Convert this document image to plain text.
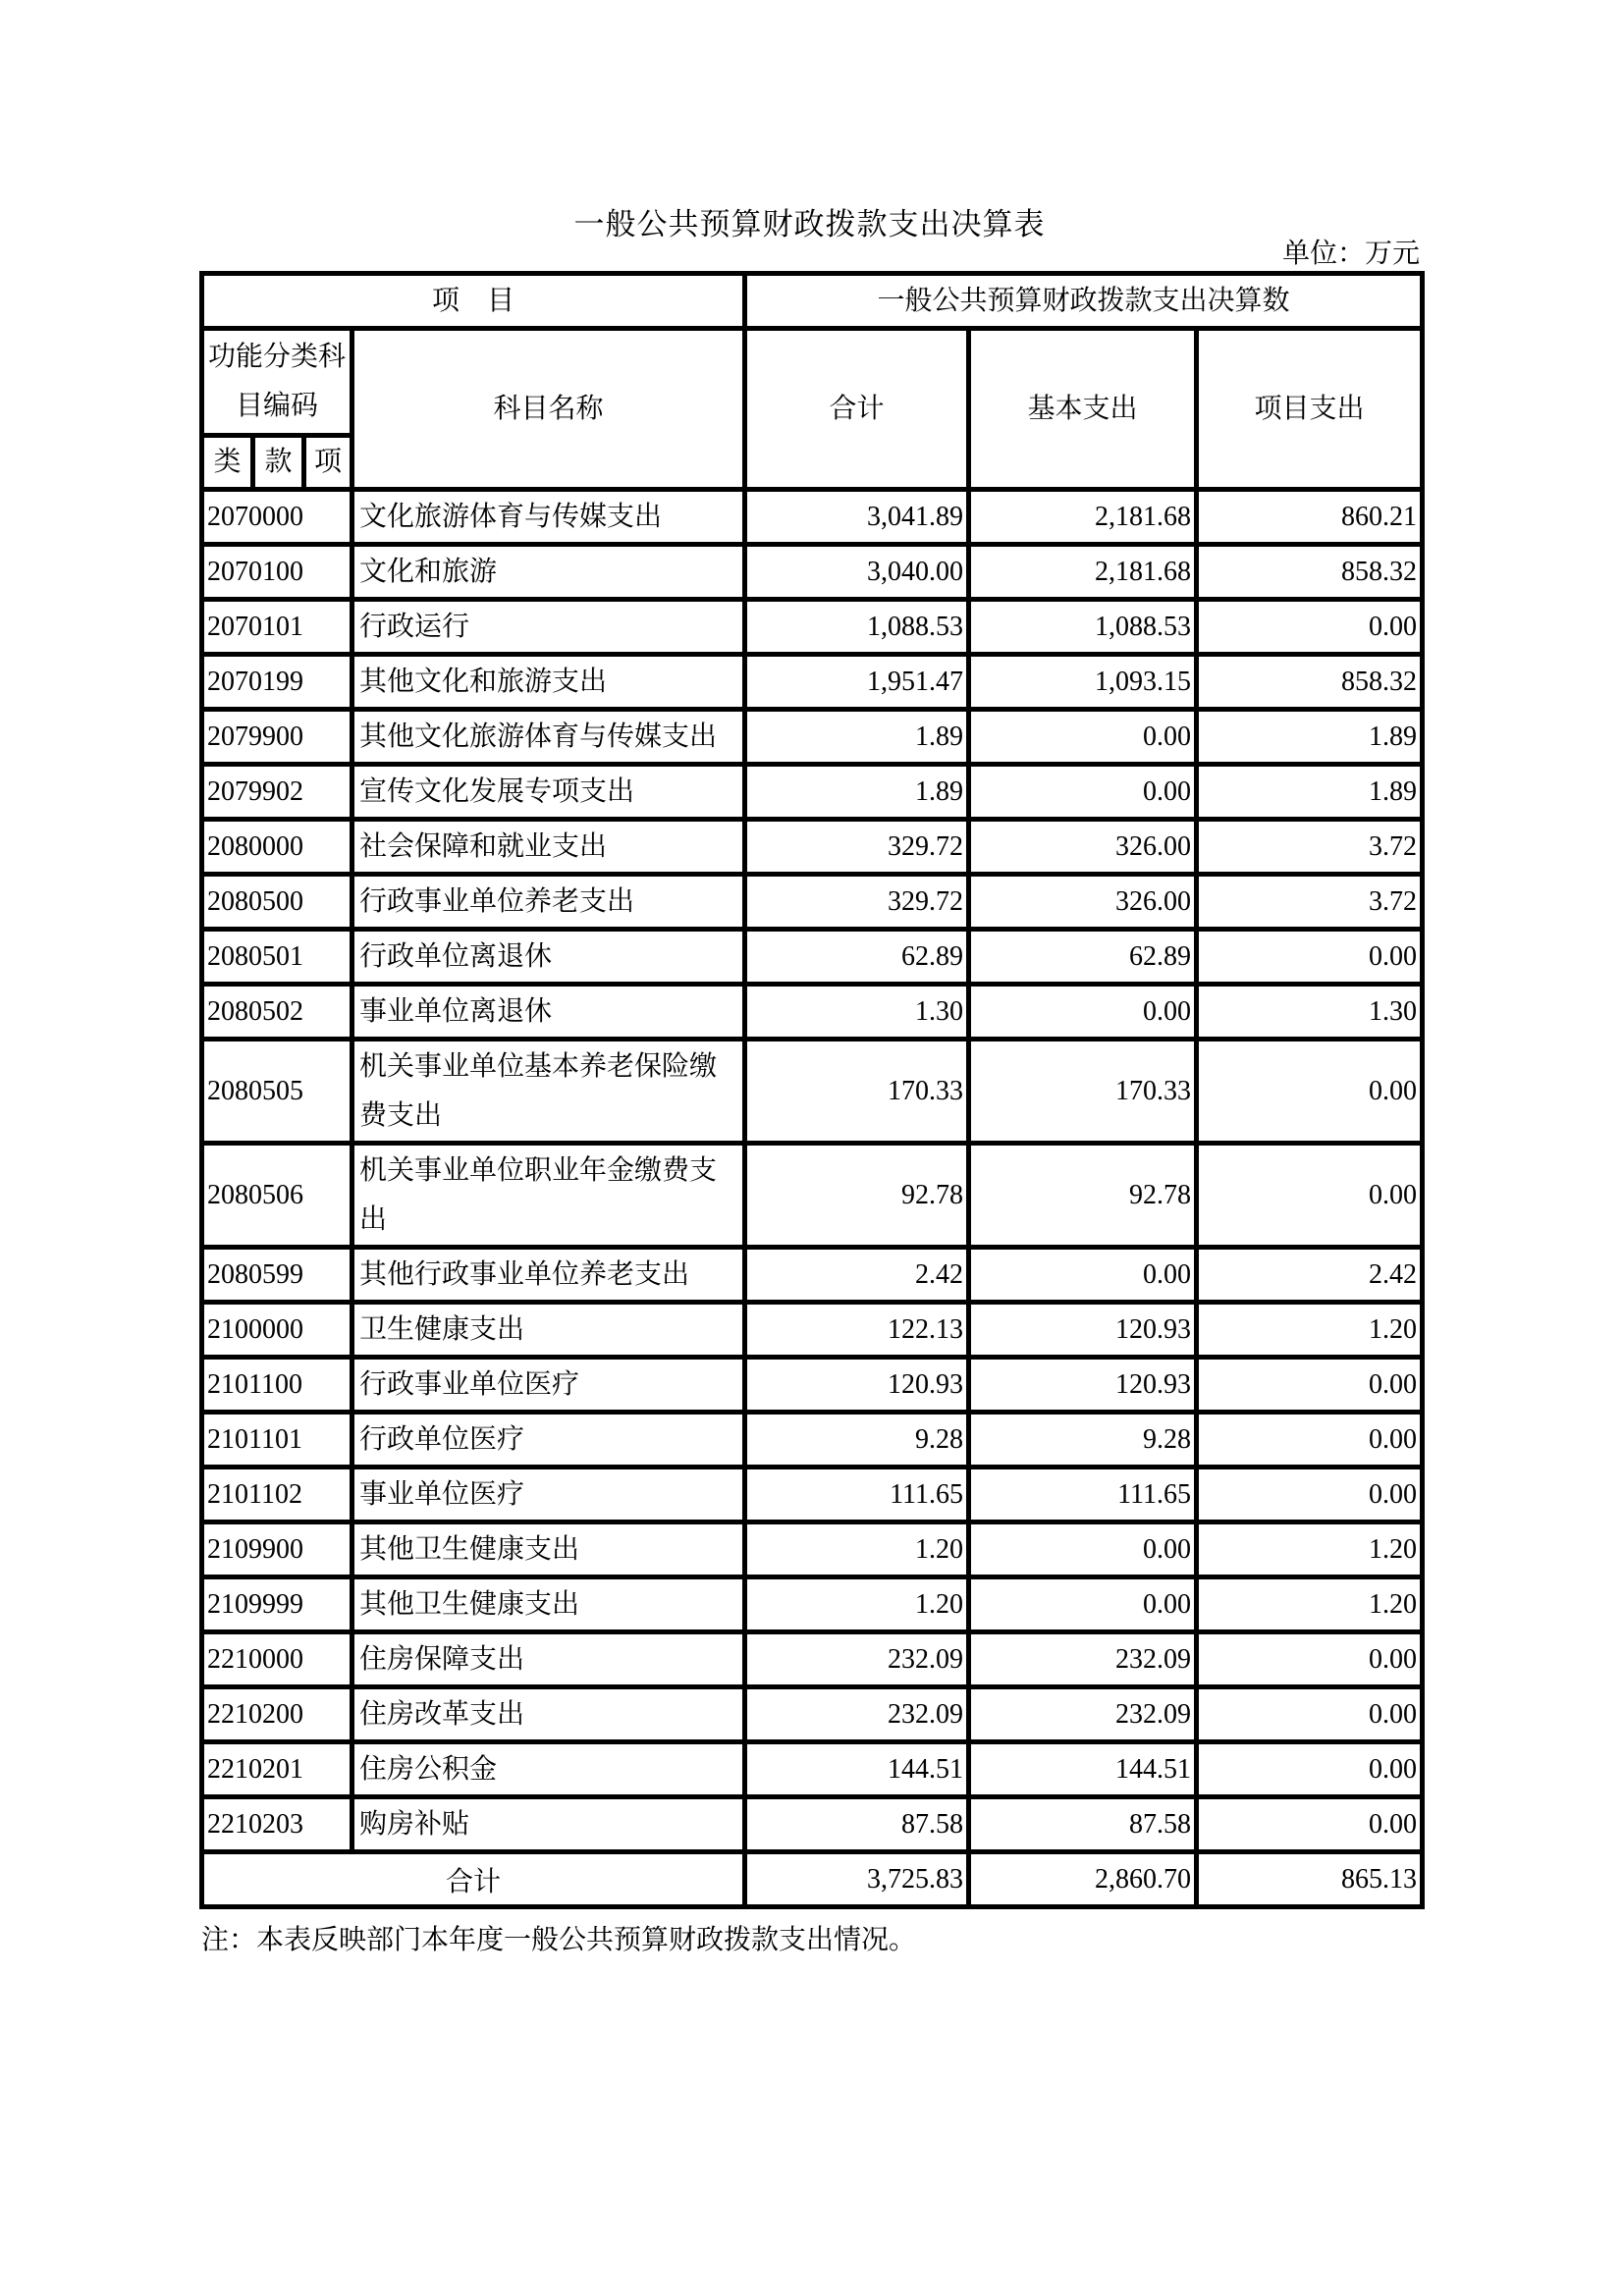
一般公共预算财政拨款支出决算表
单位：万元
项　目				一般公共预算财政拨款支出决算数		
功能分类科目编码			科目名称	合计	基本支出	项目支出
类	款	项				
2070000			文化旅游体育与传媒支出	3,041.89	2,181.68	860.21
2070100			文化和旅游	3,040.00	2,181.68	858.32
2070101			行政运行	1,088.53	1,088.53	0.00
2070199			其他文化和旅游支出	1,951.47	1,093.15	858.32
2079900			其他文化旅游体育与传媒支出	1.89	0.00	1.89
2079902			宣传文化发展专项支出	1.89	0.00	1.89
2080000			社会保障和就业支出	329.72	326.00	3.72
2080500			行政事业单位养老支出	329.72	326.00	3.72
2080501			行政单位离退休	62.89	62.89	0.00
2080502			事业单位离退休	1.30	0.00	1.30
2080505			机关事业单位基本养老保险缴费支出	170.33	170.33	0.00
2080506			机关事业单位职业年金缴费支出	92.78	92.78	0.00
2080599			其他行政事业单位养老支出	2.42	0.00	2.42
2100000			卫生健康支出	122.13	120.93	1.20
2101100			行政事业单位医疗	120.93	120.93	0.00
2101101			行政单位医疗	9.28	9.28	0.00
2101102			事业单位医疗	111.65	111.65	0.00
2109900			其他卫生健康支出	1.20	0.00	1.20
2109999			其他卫生健康支出	1.20	0.00	1.20
2210000			住房保障支出	232.09	232.09	0.00
2210200			住房改革支出	232.09	232.09	0.00
2210201			住房公积金	144.51	144.51	0.00
2210203			购房补贴	87.58	87.58	0.00
合计				3,725.83	2,860.70	865.13
注：本表反映部门本年度一般公共预算财政拨款支出情况。
